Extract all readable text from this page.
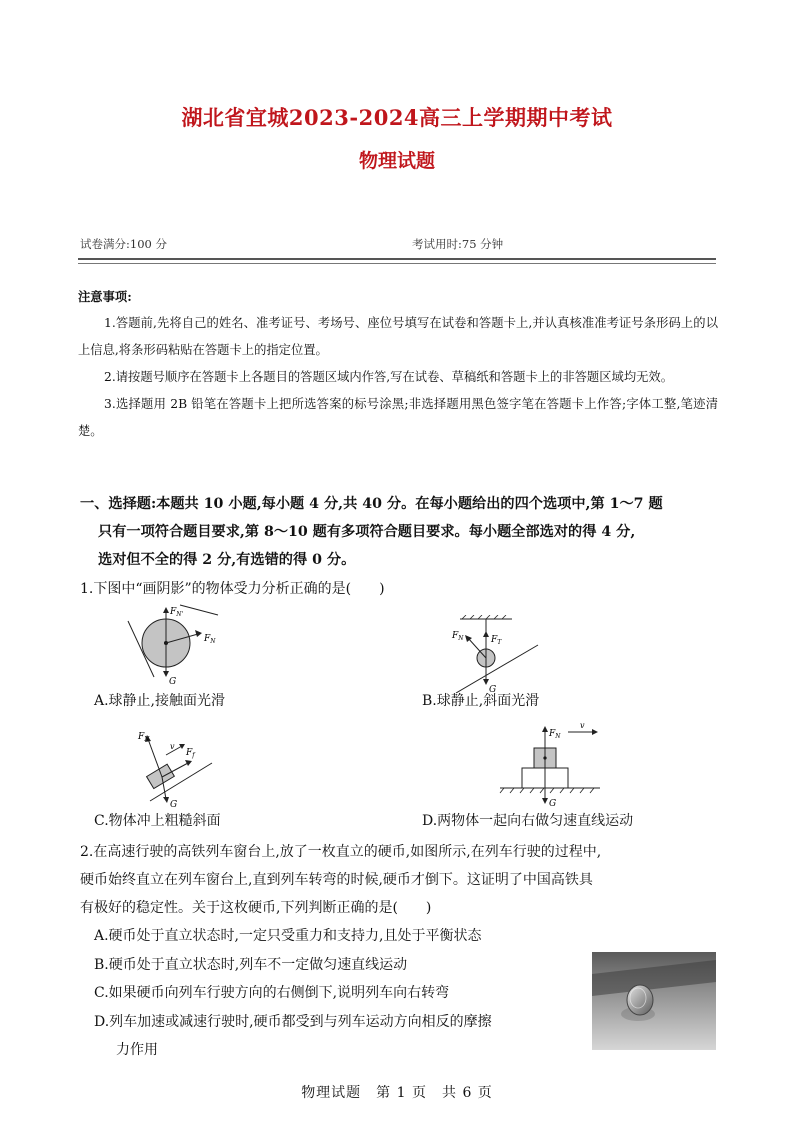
湖北省宜城2023-2024高三上学期期中考试
物理试题
试卷满分:100 分	考试用时:75 分钟
注意事项:

1.答题前,先将自己的姓名、准考证号、考场号、座位号填写在试卷和答题卡上,并认真核准准考证号条形码上的以上信息,将条形码粘贴在答题卡上的指定位置。

2.请按题号顺序在答题卡上各题目的答题区域内作答,写在试卷、草稿纸和答题卡上的非答题区域均无效。

3.选择题用 2B 铅笔在答题卡上把所选答案的标号涂黑;非选择题用黑色签字笔在答题卡上作答;字体工整,笔迹清楚。

一、选择题:本题共 10 小题,每小题 4 分,共 40 分。在每小题给出的四个选项中,第 1～7 题

只有一项符合题目要求,第 8～10 题有多项符合题目要求。每小题全部选对的得 4 分,

选对但不全的得 2 分,有选错的得 0 分。

1.下图中“画阴影”的物体受力分析正确的是(　　)
$F_{N'}$
$F_N$
G
$F_N$	$F_T$
G
A.球静止,接触面光滑	B.球静止,斜面光滑
$F_N$
v
$F_f$
G
$F_N$
v
G
C.物体冲上粗糙斜面	D.两物体一起向右做匀速直线运动
2.在高速行驶的高铁列车窗台上,放了一枚直立的硬币,如图所示,在列车行驶的过程中,
硬币始终直立在列车窗台上,直到列车转弯的时候,硬币才倒下。这证明了中国高铁具
有极好的稳定性。关于这枚硬币,下列判断正确的是(　　)
A.硬币处于直立状态时,一定只受重力和支持力,且处于平衡状态
B.硬币处于直立状态时,列车不一定做匀速直线运动
C.如果硬币向列车行驶方向的右侧倒下,说明列车向右转弯
D.列车加速或减速行驶时,硬币都受到与列车运动方向相反的摩擦
力作用
物理试题　第 1 页　共 6 页
